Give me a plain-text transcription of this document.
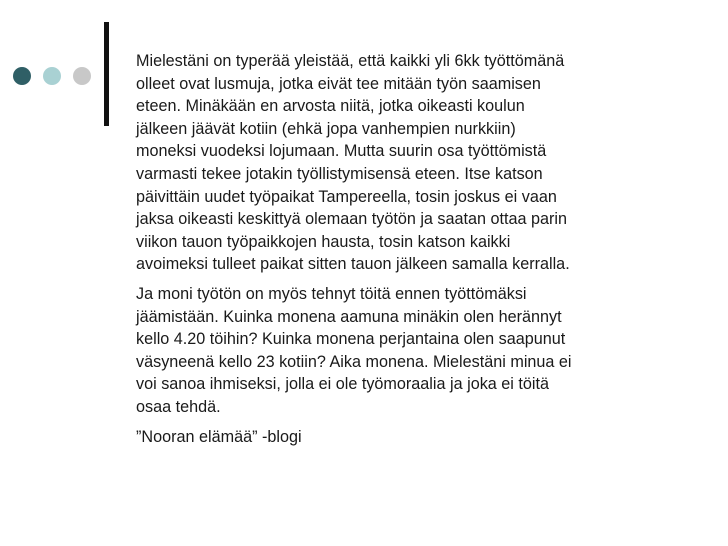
Mielestäni on typerää yleistää, että kaikki yli 6kk työttömänä olleet ovat lusmuja, jotka eivät tee mitään työn saamisen eteen. Minäkään en arvosta niitä, jotka oikeasti koulun jälkeen jäävät kotiin (ehkä jopa vanhempien nurkkiin) moneksi vuodeksi lojumaan. Mutta suurin osa työttömistä varmasti tekee jotakin työllistymisensä eteen. Itse katson päivittäin uudet työpaikat Tampereella, tosin joskus ei vaan jaksa oikeasti keskittyä olemaan työtön ja saatan ottaa parin viikon tauon työpaikkojen hausta, tosin katson kaikki avoimeksi tulleet paikat sitten tauon jälkeen samalla kerralla.

Ja moni työtön on myös tehnyt töitä ennen työttömäksi jäämistään. Kuinka monena aamuna minäkin olen herännyt kello 4.20 töihin? Kuinka monena perjantaina olen saapunut väsyneenä kello 23 kotiin? Aika monena. Mielestäni minua ei voi sanoa ihmiseksi, jolla ei ole työmoraalia ja joka ei töitä osaa tehdä.

”Nooran elämää” -blogi
